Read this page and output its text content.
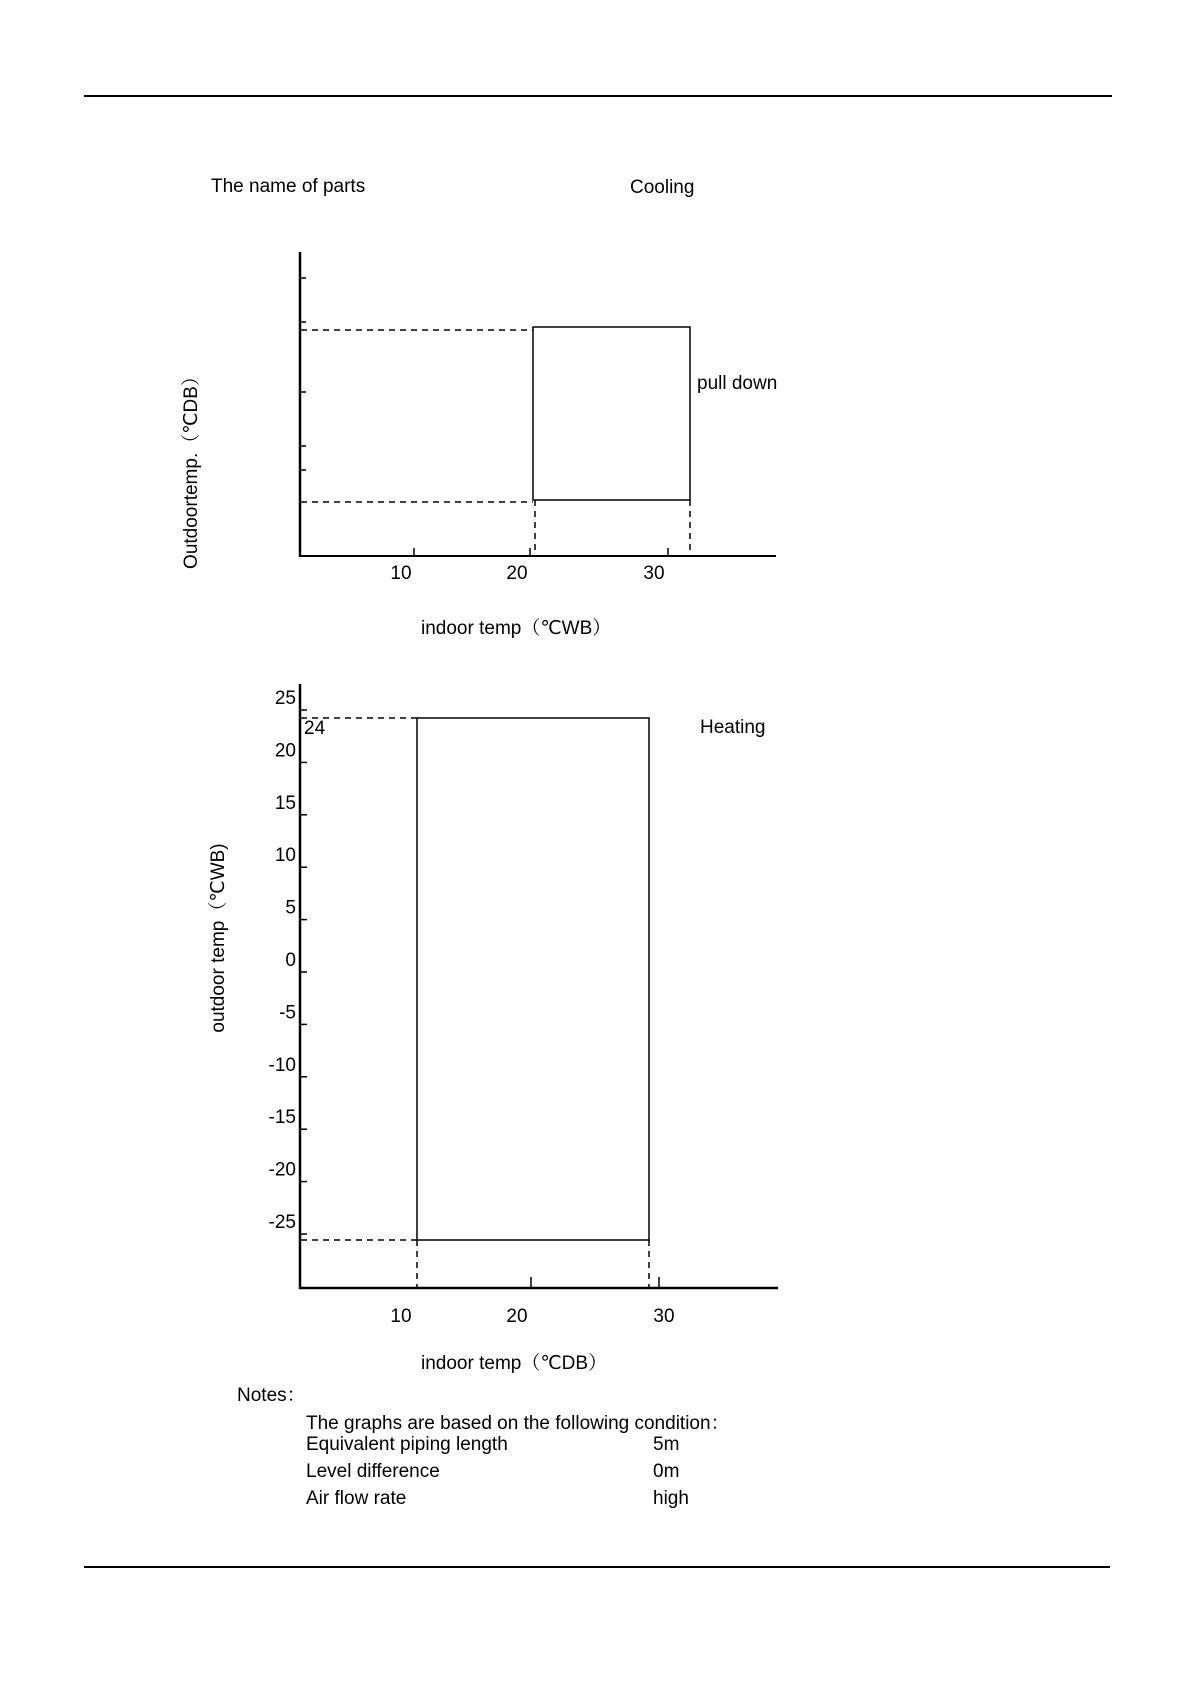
The name of parts	Cooling
10	20	30
pull down
indoor temp（℃WB）
Outdoortemp.（℃DB）
25
20
15
10
5
0
-5
-10
-15
-20
-25
24	Heating
10	20	30
indoor temp（℃DB）
outdoor temp（℃WB)
Notes：
The graphs are based on the following condition：
Equivalent piping length	5m
Level difference	0m
Air flow rate	high
